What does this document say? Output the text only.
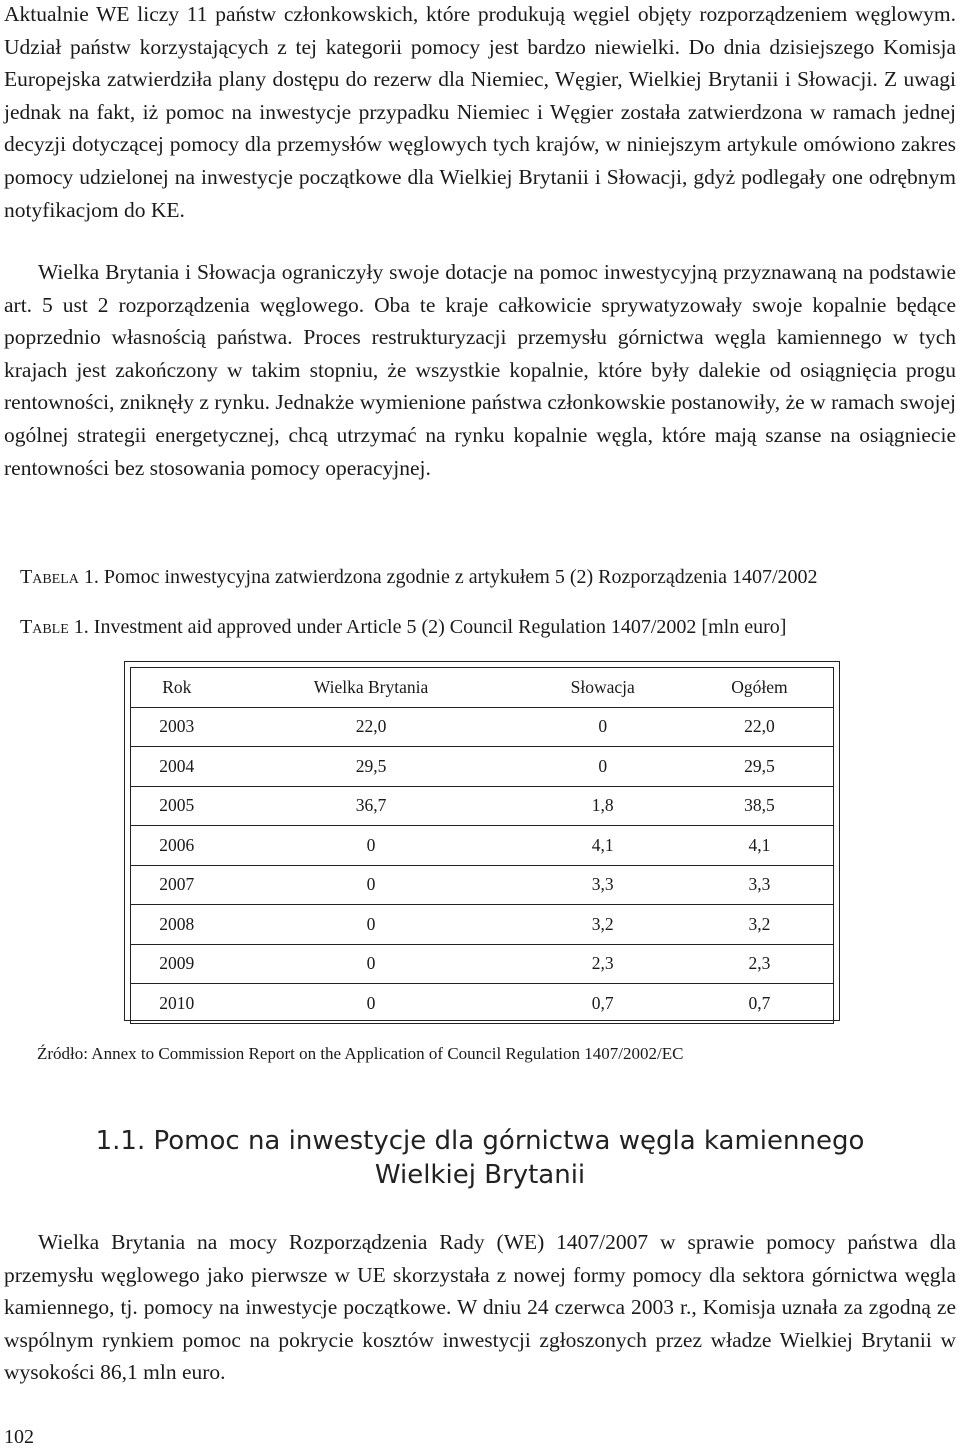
Aktualnie WE liczy 11 państw członkowskich, które produkują węgiel objęty rozporządzeniem węglowym. Udział państw korzystających z tej kategorii pomocy jest bardzo niewielki. Do dnia dzisiejszego Komisja Europejska zatwierdziła plany dostępu do rezerw dla Niemiec, Węgier, Wielkiej Brytanii i Słowacji. Z uwagi jednak na fakt, iż pomoc na inwestycje przypadku Niemiec i Węgier została zatwierdzona w ramach jednej decyzji dotyczącej pomocy dla przemysłów węglowych tych krajów, w niniejszym artykule omówiono zakres pomocy udzielonej na inwestycje początkowe dla Wielkiej Brytanii i Słowacji, gdyż podlegały one odrębnym notyfikacjom do KE.

Wielka Brytania i Słowacja ograniczyły swoje dotacje na pomoc inwestycyjną przyznawaną na podstawie art. 5 ust 2 rozporządzenia węglowego. Oba te kraje całkowicie sprywatyzowały swoje kopalnie będące poprzednio własnością państwa. Proces restrukturyzacji przemysłu górnictwa węgla kamiennego w tych krajach jest zakończony w takim stopniu, że wszystkie kopalnie, które były dalekie od osiągnięcia progu rentowności, zniknęły z rynku. Jednakże wymienione państwa członkowskie postanowiły, że w ramach swojej ogólnej strategii energetycznej, chcą utrzymać na rynku kopalnie węgla, które mają szanse na osiągniecie rentowności bez stosowania pomocy operacyjnej.

Tabela 1. Pomoc inwestycyjna zatwierdzona zgodnie z artykułem 5 (2) Rozporządzenia 1407/2002
Table 1. Investment aid approved under Article 5 (2) Council Regulation 1407/2002 [mln euro]
Rok	Wielka Brytania	Słowacja	Ogółem
2003	22,0	0	22,0
2004	29,5	0	29,5
2005	36,7	1,8	38,5
2006	0	4,1	4,1
2007	0	3,3	3,3
2008	0	3,2	3,2
2009	0	2,3	2,3
2010	0	0,7	0,7
Źródło: Annex to Commission Report on the Application of Council Regulation 1407/2002/EC
1.1. Pomoc na inwestycje dla górnictwa węgla kamiennego
Wielkiej Brytanii

Wielka Brytania na mocy Rozporządzenia Rady (WE) 1407/2007 w sprawie pomocy państwa dla przemysłu węglowego jako pierwsze w UE skorzystała z nowej formy pomocy dla sektora górnictwa węgla kamiennego, tj. pomocy na inwestycje początkowe. W dniu 24 czerwca 2003 r., Komisja uznała za zgodną ze wspólnym rynkiem pomoc na pokrycie kosztów inwestycji zgłoszonych przez władze Wielkiej Brytanii w wysokości 86,1 mln euro.

102
